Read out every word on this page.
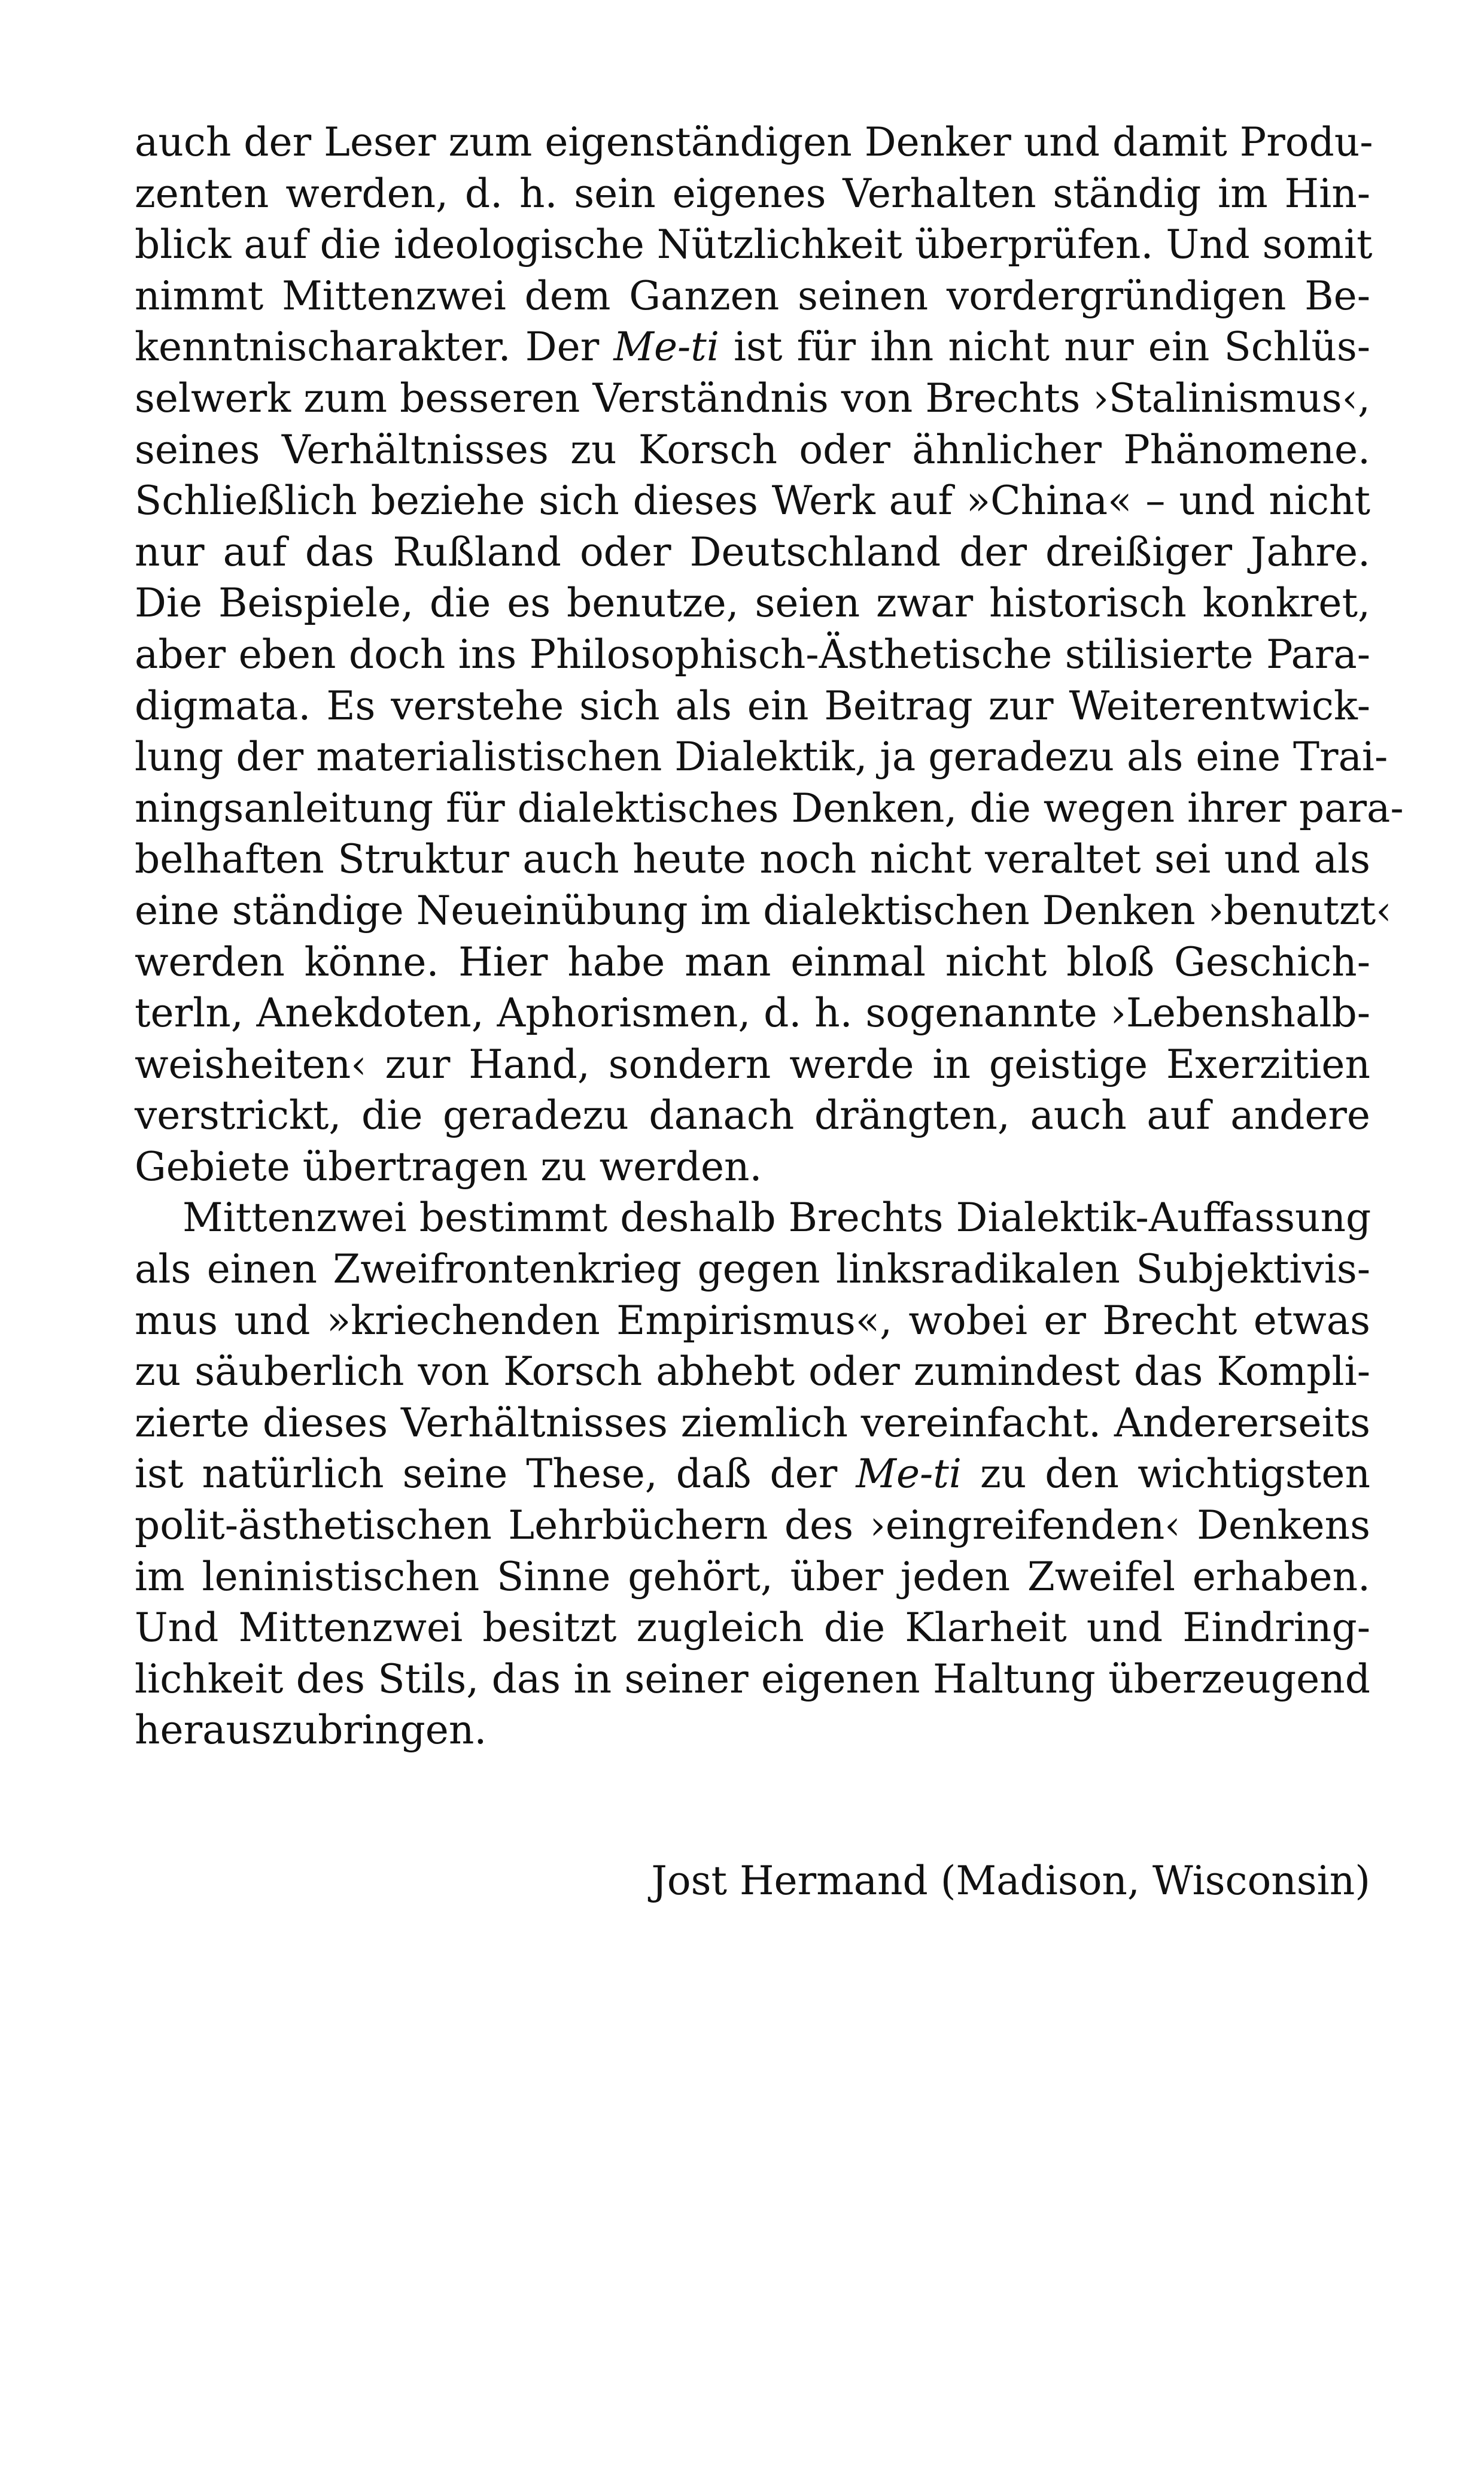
auch der Leser zum eigenständigen Denker und damit Produ-
zenten werden, d. h. sein eigenes Verhalten ständig im Hin-
blick auf die ideologische Nützlichkeit überprüfen. Und somit
nimmt Mittenzwei dem Ganzen seinen vordergründigen Be-
kenntnischarakter. Der Me-ti ist für ihn nicht nur ein Schlüs-
selwerk zum besseren Verständnis von Brechts ›Stalinismus‹,
seines Verhältnisses zu Korsch oder ähnlicher Phänomene.
Schließlich beziehe sich dieses Werk auf »China« – und nicht
nur auf das Rußland oder Deutschland der dreißiger Jahre.
Die Beispiele, die es benutze, seien zwar historisch konkret,
aber eben doch ins Philosophisch-Ästhetische stilisierte Para-
digmata. Es verstehe sich als ein Beitrag zur Weiterentwick-
lung der materialistischen Dialektik, ja geradezu als eine Trai-
ningsanleitung für dialektisches Denken, die wegen ihrer para-
belhaften Struktur auch heute noch nicht veraltet sei und als
eine ständige Neueinübung im dialektischen Denken ›benutzt‹
werden könne. Hier habe man einmal nicht bloß Geschich-
terln, Anekdoten, Aphorismen, d. h. sogenannte ›Lebenshalb-
weisheiten‹ zur Hand, sondern werde in geistige Exerzitien
verstrickt, die geradezu danach drängten, auch auf andere
Gebiete übertragen zu werden.
Mittenzwei bestimmt deshalb Brechts Dialektik-Auffassung
als einen Zweifrontenkrieg gegen linksradikalen Subjektivis-
mus und »kriechenden Empirismus«, wobei er Brecht etwas
zu säuberlich von Korsch abhebt oder zumindest das Kompli-
zierte dieses Verhältnisses ziemlich vereinfacht. Andererseits
ist natürlich seine These, daß der Me-ti zu den wichtigsten
polit-ästhetischen Lehrbüchern des ›eingreifenden‹ Denkens
im leninistischen Sinne gehört, über jeden Zweifel erhaben.
Und Mittenzwei besitzt zugleich die Klarheit und Eindring-
lichkeit des Stils, das in seiner eigenen Haltung überzeugend
herauszubringen.
Jost Hermand (Madison, Wisconsin)
